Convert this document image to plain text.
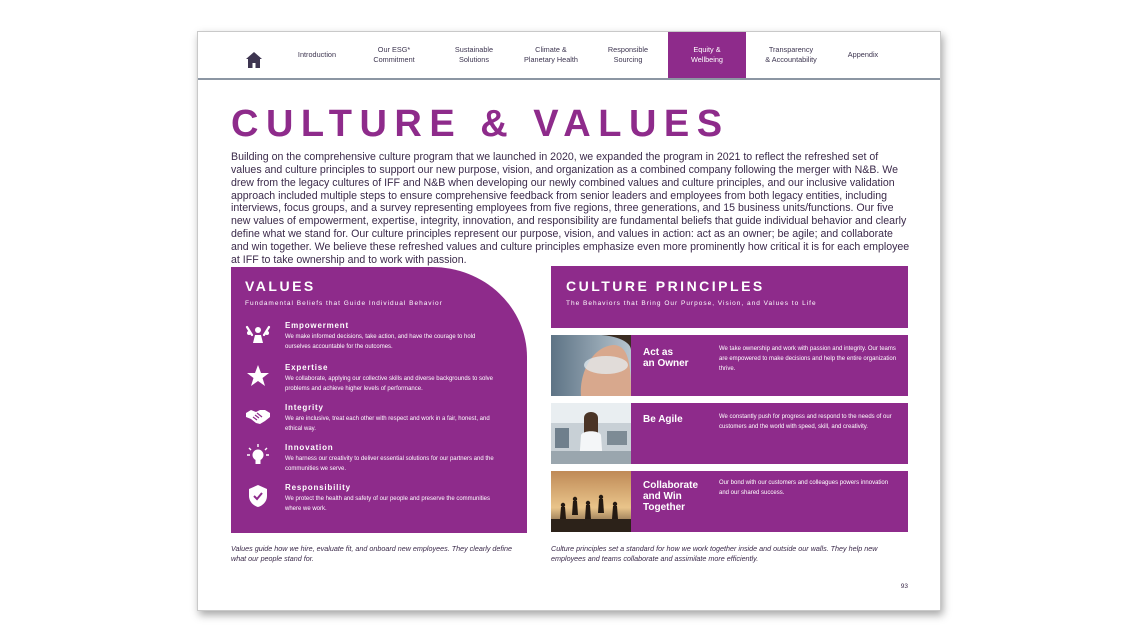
Introduction
Our ESG*
Commitment
Sustainable
Solutions
Climate &
Planetary Health
Responsible
Sourcing
Equity &
Wellbeing
Transparency
& Accountability
Appendix
CULTURE & VALUES
Building on the comprehensive culture program that we launched in 2020, we expanded the program in 2021 to reflect the refreshed set of values and culture principles to support our new purpose, vision, and organization as a combined company following the merger with N&B. We drew from the legacy cultures of IFF and N&B when developing our newly combined values and culture principles, and our inclusive validation approach included multiple steps to ensure comprehensive feedback from senior leaders and employees from both legacy entities, including interviews, focus groups, and a survey representing employees from five regions, three generations, and 15 business units/functions. Our five new values of empowerment, expertise, integrity, innovation, and responsibility are fundamental beliefs that guide individual behavior and clearly define what we stand for. Our culture principles represent our purpose, vision, and values in action: act as an owner; be agile; and collaborate and win together. We believe these refreshed values and culture principles emphasize even more prominently how critical it is for each employee at IFF to take ownership and to work with passion.
VALUES
Fundamental Beliefs that Guide Individual Behavior
Empowerment
We make informed decisions, take action, and have the courage to hold ourselves accountable for the outcomes.
Expertise
We collaborate, applying our collective skills and diverse backgrounds to solve problems and achieve higher levels of performance.
Integrity
We are inclusive, treat each other with respect and work in a fair, honest, and ethical way.
Innovation
We harness our creativity to deliver essential solutions for our partners and the communities we serve.
Responsibility
We protect the health and safety of our people and preserve the communities where we work.
Values guide how we hire, evaluate fit, and onboard new employees. They clearly define what our people stand for.
CULTURE PRINCIPLES
The Behaviors that Bring Our Purpose, Vision, and Values to Life
Act as
an Owner
We take ownership and work with passion and integrity. Our teams are empowered to make decisions and help the entire organization thrive.
Be Agile	We constantly push for progress and respond to the needs of our customers and the world with speed, skill, and creativity.
Collaborate
and Win
Together
Our bond with our customers and colleagues powers innovation and our shared success.
Culture principles set a standard for how we work together inside and outside our walls. They help new employees and teams collaborate and assimilate more efficiently.
93
